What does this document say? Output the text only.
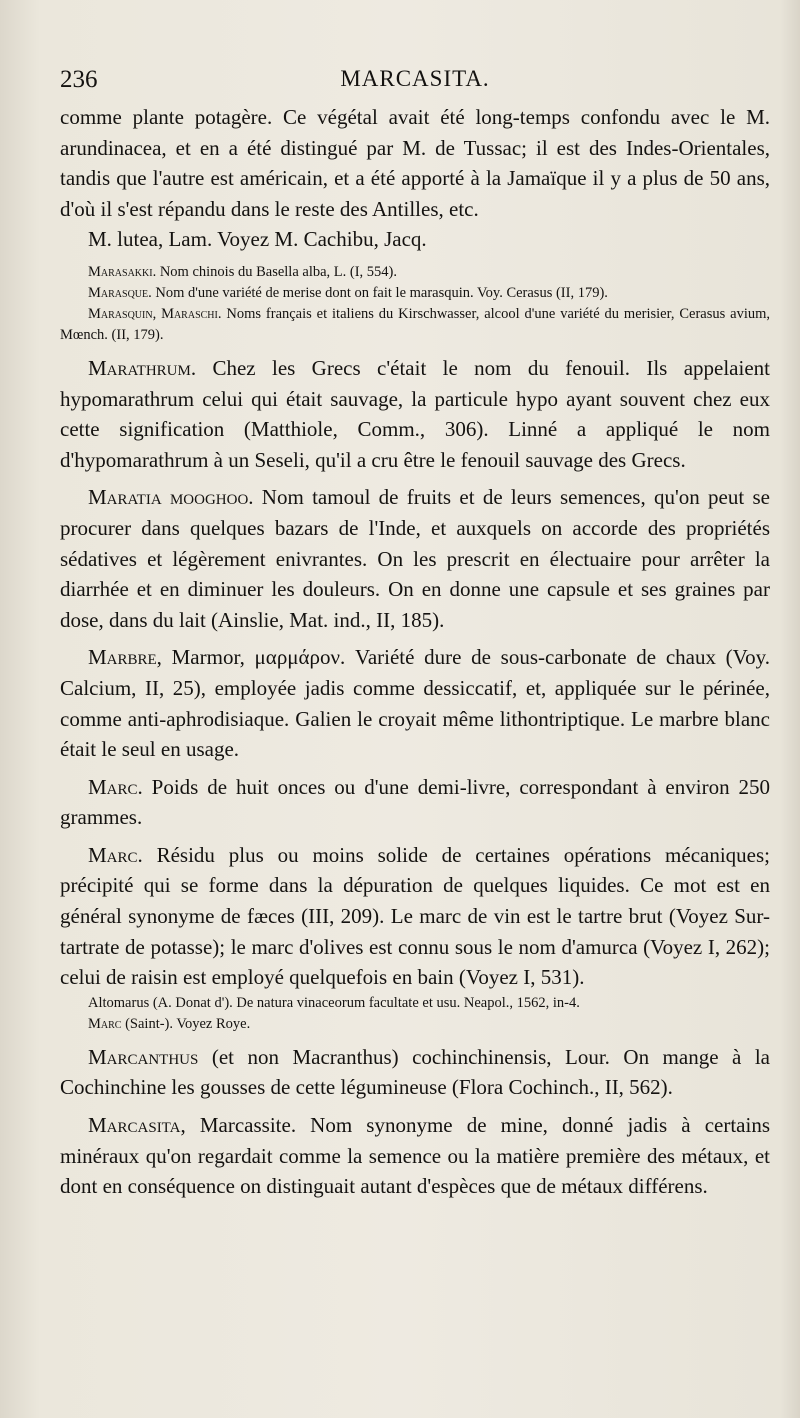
236	MARCASITA.

comme plante potagère. Ce végétal avait été long-temps confondu avec le M. arundinacea, et en a été distingué par M. de Tussac; il est des Indes-Orientales, tandis que l'autre est américain, et a été apporté à la Jamaïque il y a plus de 50 ans, d'où il s'est répandu dans le reste des Antilles, etc.

M. lutea, Lam. Voyez M. Cachibu, Jacq.

Marasakki. Nom chinois du Basella alba, L. (I, 554).

Marasque. Nom d'une variété de merise dont on fait le marasquin. Voy. Cerasus (II, 179).

Marasquin, Maraschi. Noms français et italiens du Kirschwasser, alcool d'une variété du merisier, Cerasus avium, Mœnch. (II, 179).

Marathrum. Chez les Grecs c'était le nom du fenouil. Ils appelaient hypomarathrum celui qui était sauvage, la particule hypo ayant souvent chez eux cette signification (Matthiole, Comm., 306). Linné a appliqué le nom d'hypomarathrum à un Seseli, qu'il a cru être le fenouil sauvage des Grecs.

Maratia mooghoo. Nom tamoul de fruits et de leurs semences, qu'on peut se procurer dans quelques bazars de l'Inde, et auxquels on accorde des propriétés sédatives et légèrement enivrantes. On les prescrit en électuaire pour arrêter la diarrhée et en diminuer les douleurs. On en donne une capsule et ses graines par dose, dans du lait (Ainslie, Mat. ind., II, 185).

Marbre, Marmor, μαρμάρον. Variété dure de sous-carbonate de chaux (Voy. Calcium, II, 25), employée jadis comme dessiccatif, et, appliquée sur le périnée, comme anti-aphrodisiaque. Galien le croyait même lithontriptique. Le marbre blanc était le seul en usage.

Marc. Poids de huit onces ou d'une demi-livre, correspondant à environ 250 grammes.

Marc. Résidu plus ou moins solide de certaines opérations mécaniques; précipité qui se forme dans la dépuration de quelques liquides. Ce mot est en général synonyme de fæces (III, 209). Le marc de vin est le tartre brut (Voyez Sur-tartrate de potasse); le marc d'olives est connu sous le nom d'amurca (Voyez I, 262); celui de raisin est employé quelquefois en bain (Voyez I, 531).

Altomarus (A. Donat d'). De natura vinaceorum facultate et usu. Neapol., 1562, in-4.

Marc (Saint-). Voyez Roye.

Marcanthus (et non Macranthus) cochinchinensis, Lour. On mange à la Cochinchine les gousses de cette légumineuse (Flora Cochinch., II, 562).

Marcasita, Marcassite. Nom synonyme de mine, donné jadis à certains minéraux qu'on regardait comme la semence ou la matière première des métaux, et dont en conséquence on distinguait autant d'espèces que de métaux différens.
